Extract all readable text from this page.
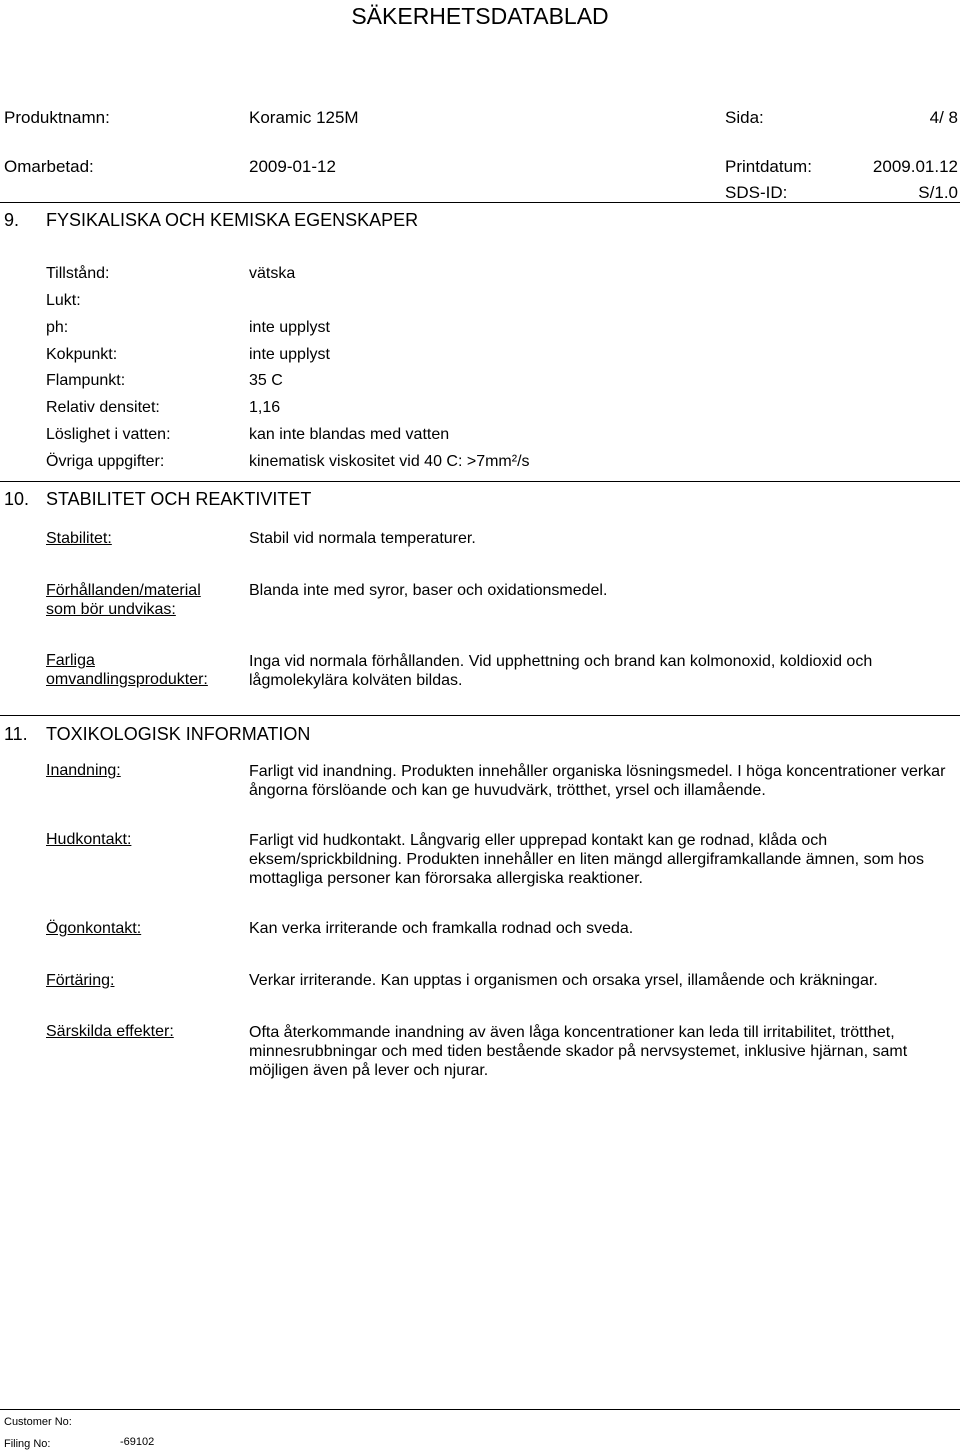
SÄKERHETSDATABLAD
Produktnamn:	Koramic 125M	Sida:	4/ 8
Omarbetad:	2009-01-12	Printdatum:	2009.01.12
SDS-ID:	S/1.0
9. FYSIKALISKA OCH KEMISKA EGENSKAPER
Tillstånd:	vätska
Lukt:
ph:	inte upplyst
Kokpunkt:	inte upplyst
Flampunkt:	35 C
Relativ densitet:	1,16
Löslighet i vatten:	kan inte blandas med vatten
Övriga uppgifter:	kinematisk viskositet vid 40 C: >7mm²/s
10. STABILITET OCH REAKTIVITET
Stabilitet:	Stabil vid normala temperaturer.
Förhållanden/material
som bör undvikas:
Blanda inte med syror, baser och oxidationsmedel.
Farliga
omvandlingsprodukter:
Inga vid normala förhållanden. Vid upphettning och brand kan kolmonoxid, koldioxid och lågmolekylära kolväten bildas.
11. TOXIKOLOGISK INFORMATION
Inandning:	Farligt vid inandning. Produkten innehåller organiska lösningsmedel. I höga koncentrationer verkar ångorna förslöande och kan ge huvudvärk, trötthet, yrsel och illamående.
Hudkontakt:	Farligt vid hudkontakt. Långvarig eller upprepad kontakt kan ge rodnad, klåda och eksem/sprickbildning. Produkten innehåller en liten mängd allergiframkallande ämnen, som hos mottagliga personer kan förorsaka allergiska reaktioner.
Ögonkontakt:	Kan verka irriterande och framkalla rodnad och sveda.
Förtäring:	Verkar irriterande. Kan upptas i organismen och orsaka yrsel, illamående och kräkningar.
Särskilda effekter:	Ofta återkommande inandning av även låga koncentrationer kan leda till irritabilitet, trötthet, minnesrubbningar och med tiden bestående skador på nervsystemet, inklusive hjärnan, samt möjligen även på lever och njurar.
Customer No:
Filing No:	-69102
